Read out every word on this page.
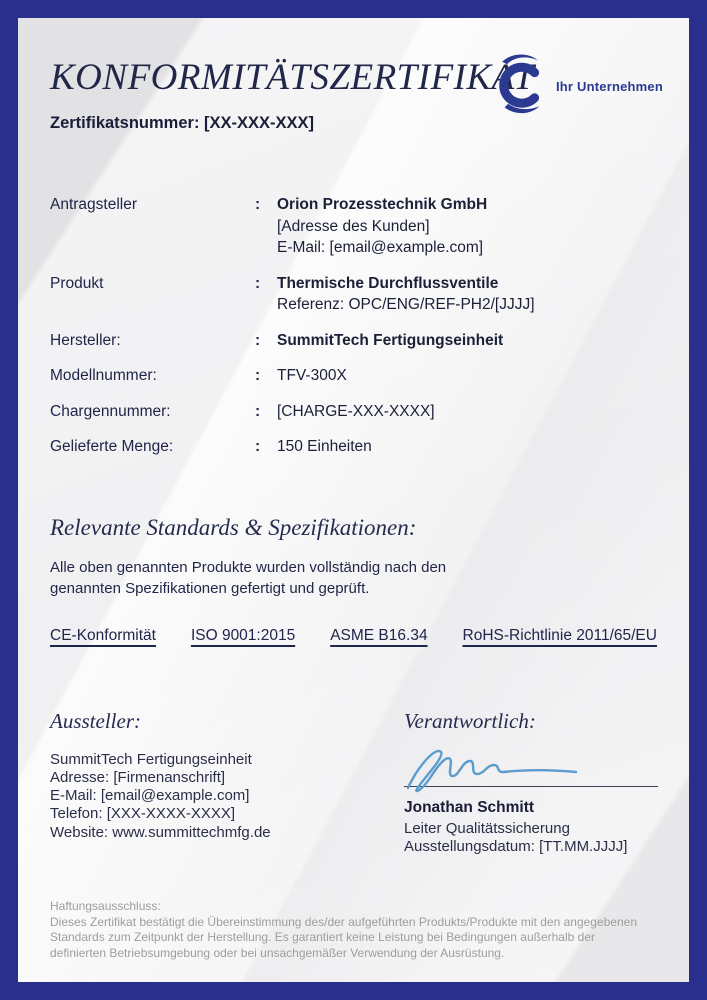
KONFORMITÄTSZERTIFIKAT
Zertifikatsnummer: [XX-XXX-XXX]
Ihr Unternehmen
Antragsteller	:	Orion Prozesstechnik GmbH
[Adresse des Kunden]
E-Mail: [email@example.com]
Produkt	:	Thermische Durchflussventile
Referenz: OPC/ENG/REF-PH2/[JJJJ]
Hersteller:	:	SummitTech Fertigungseinheit
Modellnummer:	:	TFV-300X
Chargennummer:	:	[CHARGE-XXX-XXXX]
Gelieferte Menge:	:	150 Einheiten
Relevante Standards & Spezifikationen:

Alle oben genannten Produkte wurden vollständig nach den genannten Spezifikationen gefertigt und geprüft.

CE-Konformität ISO 9001:2015 ASME B16.34 RoHS-Richtlinie 2011/65/EU
Aussteller:
SummitTech Fertigungseinheit
Adresse: [Firmenanschrift]
E-Mail: [email@example.com]
Telefon: [XXX-XXXX-XXXX]
Website: www.summittechmfg.de
Verantwortlich:
Jonathan Schmitt
Leiter Qualitätssicherung
Ausstellungsdatum: [TT.MM.JJJJ]
Haftungsausschluss:
Dieses Zertifikat bestätigt die Übereinstimmung des/der aufgeführten Produkts/Produkte mit den angegebenen Standards zum Zeitpunkt der Herstellung. Es garantiert keine Leistung bei Bedingungen außerhalb der definierten Betriebsumgebung oder bei unsachgemäßer Verwendung der Ausrüstung.
